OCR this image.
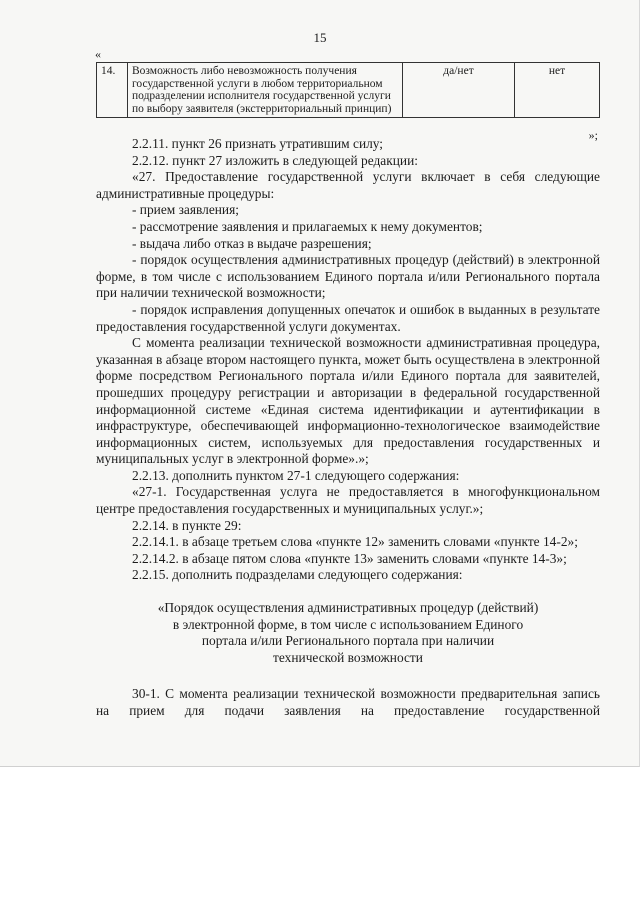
15
«
14.	Возможность либо невозможность получения государственной услуги в любом территориальном подразделении исполнителя государственной услуги по выбору заявителя (экстерриториальный принцип)	да/нет	нет
»;

2.2.11. пункт 26 признать утратившим силу;

2.2.12. пункт 27 изложить в следующей редакции:

«27. Предоставление государственной услуги включает в себя следующие административные процедуры:

- прием заявления;

- рассмотрение заявления и прилагаемых к нему документов;

- выдача либо отказ в выдаче разрешения;

- порядок осуществления административных процедур (действий) в электронной форме, в том числе с использованием Единого портала и/или Регионального портала при наличии технической возможности;

- порядок исправления допущенных опечаток и ошибок в выданных в результате предоставления государственной услуги документах.

С момента реализации технической возможности административная процедура, указанная в абзаце втором настоящего пункта, может быть осуществлена в электронной форме посредством Регионального портала и/или Единого портала для заявителей, прошедших процедуру регистрации и авторизации в федеральной государственной информационной системе «Единая система идентификации и аутентификации в инфраструктуре, обеспечивающей информационно-технологическое взаимодействие информационных систем, используемых для предоставления государственных и муниципальных услуг в электронной форме».»;

2.2.13. дополнить пунктом 27-1 следующего содержания:

«27-1. Государственная услуга не предоставляется в многофункциональном центре предоставления государственных и муниципальных услуг.»;

2.2.14. в пункте 29:

2.2.14.1. в абзаце третьем слова «пункте 12» заменить словами «пункте 14-2»;

2.2.14.2. в абзаце пятом слова «пункте 13» заменить словами «пункте 14-3»;

2.2.15. дополнить подразделами следующего содержания:

«Порядок осуществления административных процедур (действий)

в электронной форме, в том числе с использованием Единого

портала и/или Регионального портала при наличии

технической возможности

30-1. С момента реализации технической возможности предварительная запись на прием для подачи заявления на предоставление государственной
